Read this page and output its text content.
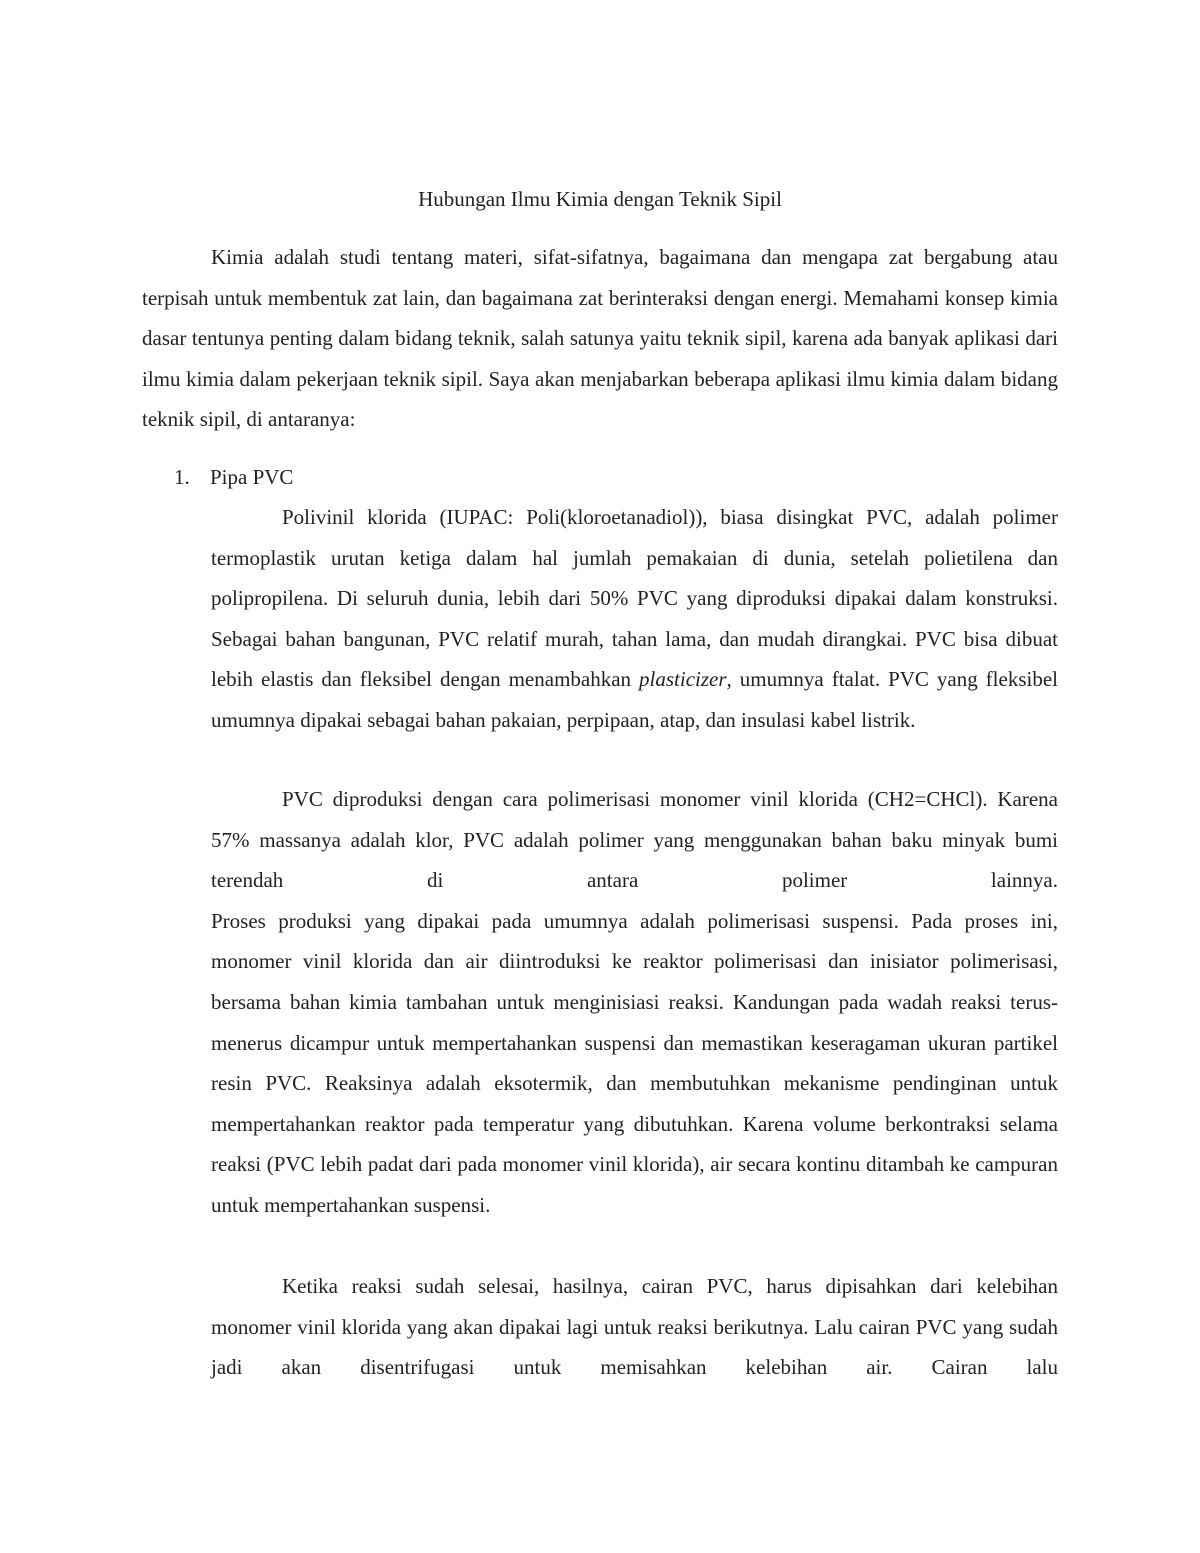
Hubungan Ilmu Kimia dengan Teknik Sipil

Kimia adalah studi tentang materi, sifat-sifatnya, bagaimana dan mengapa zat bergabung atau terpisah untuk membentuk zat lain, dan bagaimana zat berinteraksi dengan energi. Memahami konsep kimia dasar tentunya penting dalam bidang teknik, salah satunya yaitu teknik sipil, karena ada banyak aplikasi dari ilmu kimia dalam pekerjaan teknik sipil. Saya akan menjabarkan beberapa aplikasi ilmu kimia dalam bidang teknik sipil, di antaranya:

1. Pipa PVC

Polivinil klorida (IUPAC: Poli(kloroetanadiol)), biasa disingkat PVC, adalah polimer termoplastik urutan ketiga dalam hal jumlah pemakaian di dunia, setelah polietilena dan polipropilena. Di seluruh dunia, lebih dari 50% PVC yang diproduksi dipakai dalam konstruksi. Sebagai bahan bangunan, PVC relatif murah, tahan lama, dan mudah dirangkai. PVC bisa dibuat lebih elastis dan fleksibel dengan menambahkan plasticizer, umumnya ftalat. PVC yang fleksibel umumnya dipakai sebagai bahan pakaian, perpipaan, atap, dan insulasi kabel listrik.

PVC diproduksi dengan cara polimerisasi monomer vinil klorida (CH2=CHCl). Karena 57% massanya adalah klor, PVC adalah polimer yang menggunakan bahan baku minyak bumi terendah di antara polimer lainnya.
Proses produksi yang dipakai pada umumnya adalah polimerisasi suspensi. Pada proses ini, monomer vinil klorida dan air diintroduksi ke reaktor polimerisasi dan inisiator polimerisasi, bersama bahan kimia tambahan untuk menginisiasi reaksi. Kandungan pada wadah reaksi terus-menerus dicampur untuk mempertahankan suspensi dan memastikan keseragaman ukuran partikel resin PVC. Reaksinya adalah eksotermik, dan membutuhkan mekanisme pendinginan untuk mempertahankan reaktor pada temperatur yang dibutuhkan. Karena volume berkontraksi selama reaksi (PVC lebih padat dari pada monomer vinil klorida), air secara kontinu ditambah ke campuran untuk mempertahankan suspensi.

Ketika reaksi sudah selesai, hasilnya, cairan PVC, harus dipisahkan dari kelebihan monomer vinil klorida yang akan dipakai lagi untuk reaksi berikutnya. Lalu cairan PVC yang sudah jadi akan disentrifugasi untuk memisahkan kelebihan air. Cairan lalu
